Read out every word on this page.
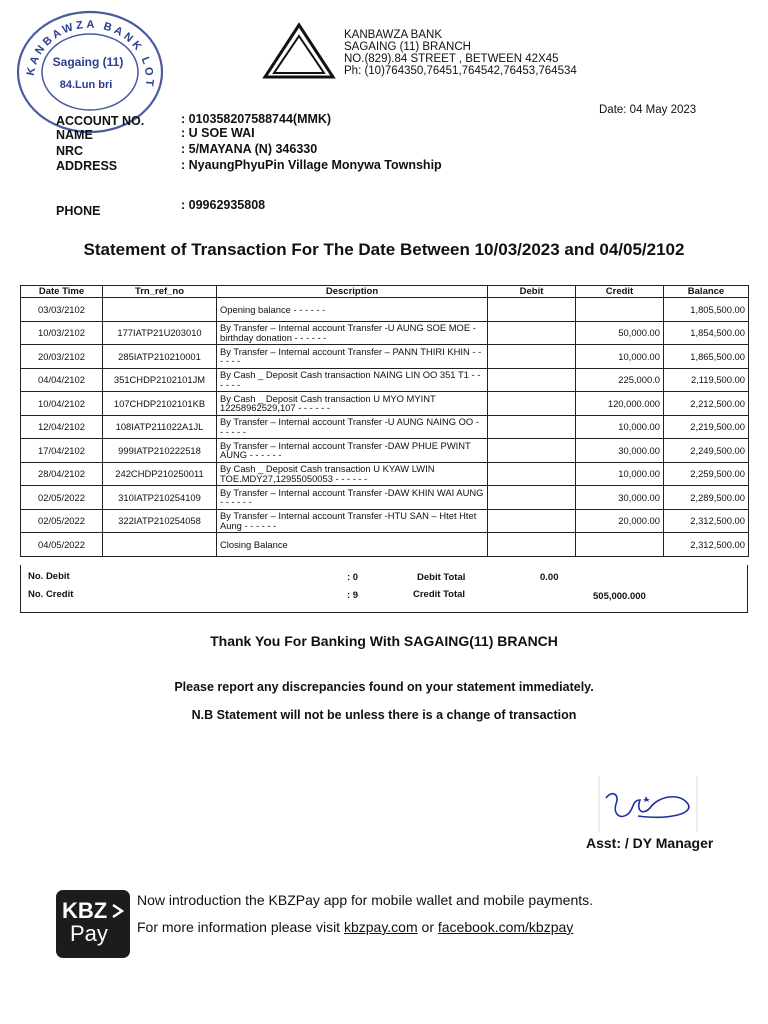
KANBAWZA BANK LOT
Sagaing (11)
84.Lun bri
KANBAWZA BANK
SAGAING (11) BRANCH
NO.(829).84 STREET , BETWEEN 42X45
Ph: (10)764350,76451,764542,76453,764534
Date: 04 May 2023
ACCOUNT NO.	: 010358207588744(MMK)
NAME	: U SOE WAI
NRC	: 5/MAYANA (N) 346330
ADDRESS	: NyaungPhyuPin Village Monywa Township
PHONE	: 09962935808
Statement of Transaction For The Date Between 10/03/2023 and 04/05/2102
Date Time	Trn_ref_no	Description	Debit	Credit	Balance
03/03/2102		Opening balance - - - - - -			1,805,500.00
10/03/2102	177IATP21U203010	By Transfer – Internal account Transfer -U AUNG SOE MOE -birthday donation - - - - - -		50,000.00	1,854,500.00
20/03/2102	285IATP210210001	By Transfer – Internal account Transfer – PANN THIRI KHIN - - - - - -		10,000.00	1,865,500.00
04/04/2102	351CHDP2102101JM	By Cash _ Deposit Cash transaction NAING LIN OO 351 T1 - - - - - -		225,000.0	2,119,500.00
10/04/2102	107CHDP2102101KB	By Cash _ Deposit Cash transaction U MYO MYINT 12258962529,107 - - - - - -		120,000.000	2,212,500.00
12/04/2102	108IATP211022A1JL	By Transfer – Internal account Transfer -U AUNG NAING OO - - - - - -		10,000.00	2,219,500.00
17/04/2102	999IATP210222518	By Transfer – Internal account Transfer -DAW PHUE PWINT AUNG - - - - - -		30,000.00	2,249,500.00
28/04/2102	242CHDP210250011	By Cash _ Deposit Cash transaction U KYAW LWIN TOE.MDY27,12955050053 - - - - - -		10,000.00	2,259,500.00
02/05/2022	310IATP210254109	By Transfer – Internal account Transfer -DAW KHIN WAI AUNG - - - - - -		30,000.00	2,289,500.00
02/05/2022	322IATP210254058	By Transfer – Internal account Transfer -HTU SAN – Htet Htet Aung - - - - - -		20,000.00	2,312,500.00
04/05/2022		Closing Balance			2,312,500.00
No. Debit	: 0	Debit Total	0.00
No. Credit	: 9	Credit Total	505,000.000
Thank You For Banking With SAGAING(11) BRANCH
Please report any discrepancies found on your statement immediately.
N.B Statement will not be unless there is a change of transaction
Asst: / DY Manager
KBZ
Pay
Now introduction the KBZPay app for mobile wallet and mobile payments.
For more information please visit kbzpay.com or facebook.com/kbzpay
